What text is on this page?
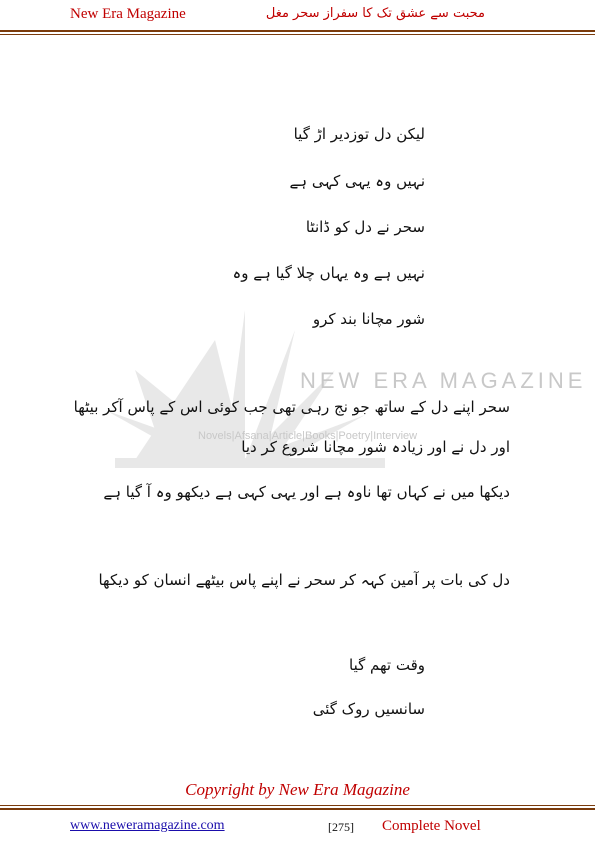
New Era Magazine	محبت سے عشق تک کا سفراز سحر مغل
NEW ERA MAGAZINE
Novels|Afsana|Article|Books|Poetry|Interview
لیکن دل توزدیر اڑ گیا
نہیں وہ یہی کہی ہے
سحر نے دل کو ڈانٹا
نہیں ہے وہ یہاں چلا گیا ہے وہ
شور مچانا بند کرو
سحر اپنے دل کے ساتھ جو نج رہی تھی جب کوئی اس کے پاس آکر بیٹھا
اور دل نے اور زیادہ شور مچانا شروع کر دیا
دیکھا میں نے کہاں تھا ناوہ ہے اور یہی کہی ہے دیکھو وہ آ گیا ہے
دل کی بات پر آمین کہہ کر سحر نے اپنے پاس بیٹھے انسان کو دیکھا
وقت تھم گیا
سانسیں روک گئی
Copyright by New Era Magazine
www.neweramagazine.com	[275] Complete Novel
